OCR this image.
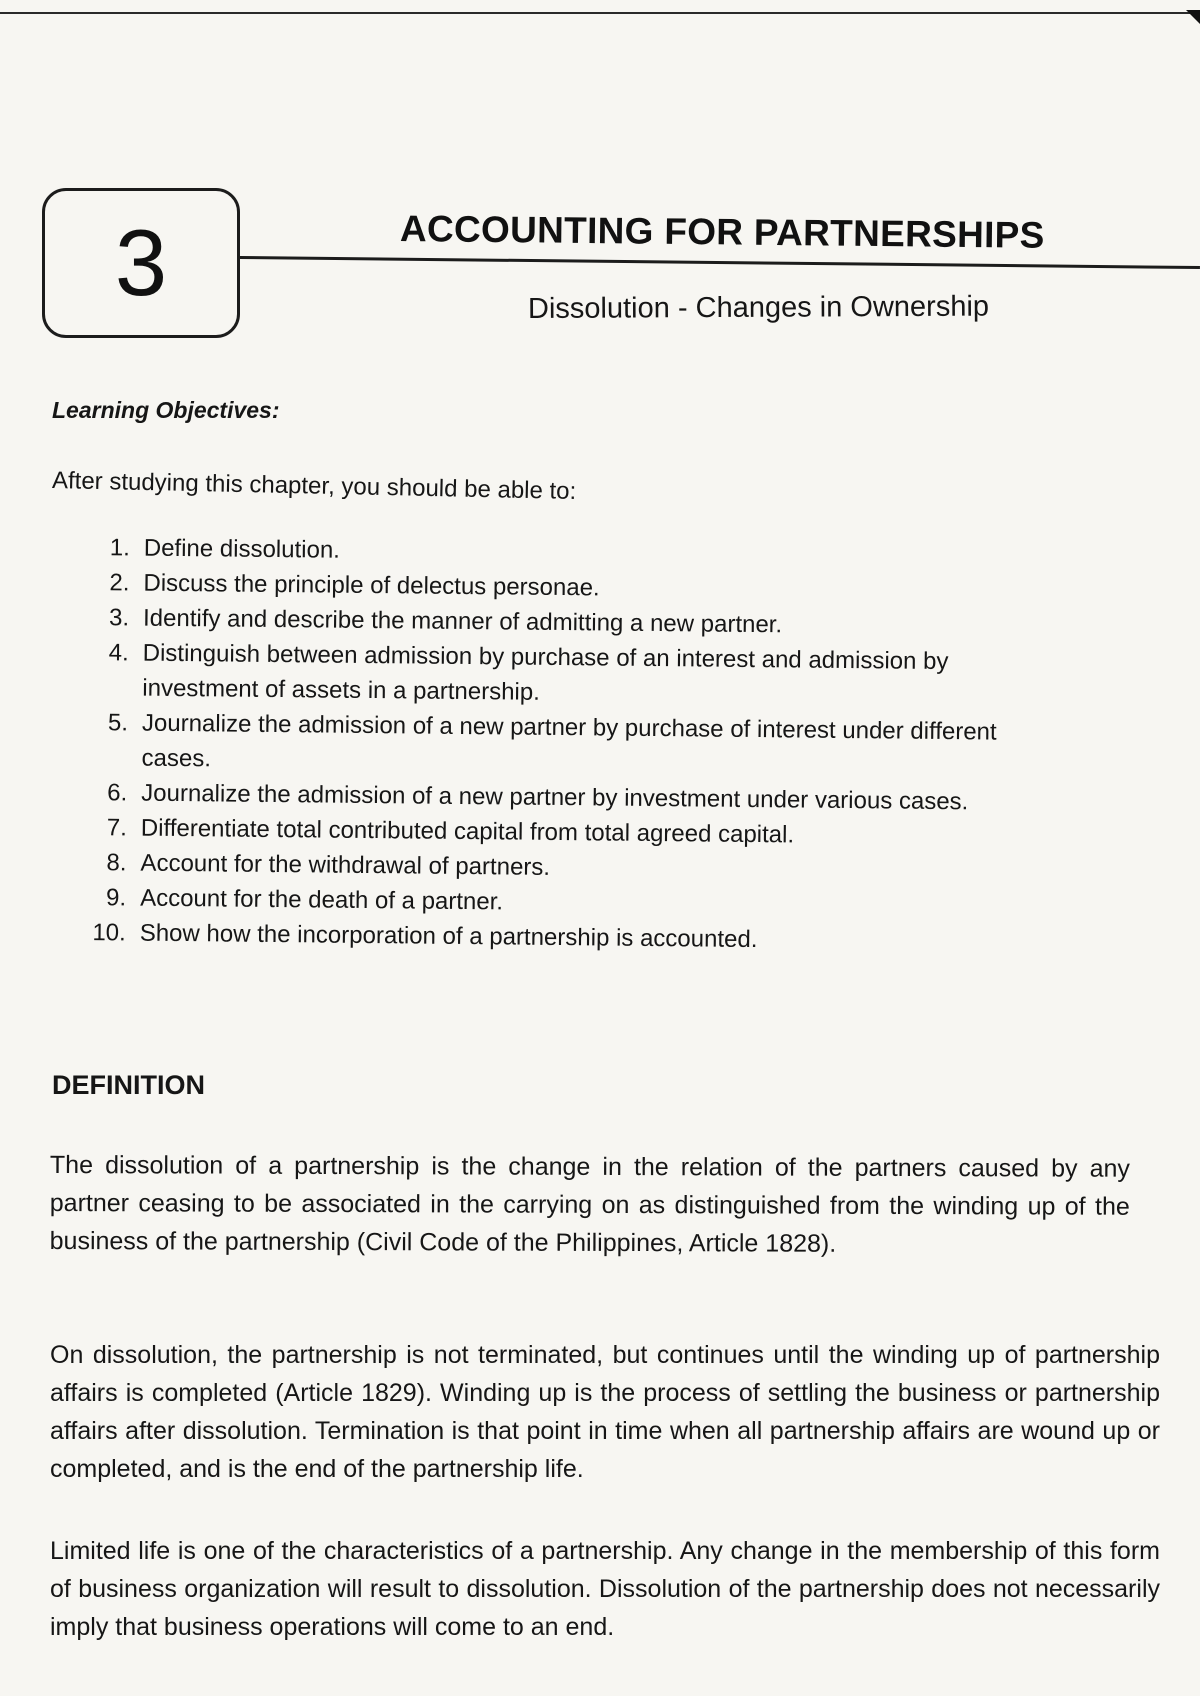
3	ACCOUNTING FOR PARTNERSHIPS
Dissolution - Changes in Ownership
Learning Objectives:
After studying this chapter, you should be able to:
1. Define dissolution.
2. Discuss the principle of delectus personae.
3. Identify and describe the manner of admitting a new partner.
4. Distinguish between admission by purchase of an interest and admission by investment of assets in a partnership.
5. Journalize the admission of a new partner by purchase of interest under different cases.
6. Journalize the admission of a new partner by investment under various cases.
7. Differentiate total contributed capital from total agreed capital.
8. Account for the withdrawal of partners.
9. Account for the death of a partner.
10. Show how the incorporation of a partnership is accounted.
DEFINITION

The dissolution of a partnership is the change in the relation of the partners caused by any partner ceasing to be associated in the carrying on as distinguished from the winding up of the business of the partnership (Civil Code of the Philippines, Article 1828).

On dissolution, the partnership is not terminated, but continues until the winding up of partnership affairs is completed (Article 1829). Winding up is the process of settling the business or partnership affairs after dissolution. Termination is that point in time when all partnership affairs are wound up or completed, and is the end of the partnership life.

Limited life is one of the characteristics of a partnership. Any change in the membership of this form of business organization will result to dissolution. Dissolution of the partnership does not necessarily imply that business operations will come to an end.
